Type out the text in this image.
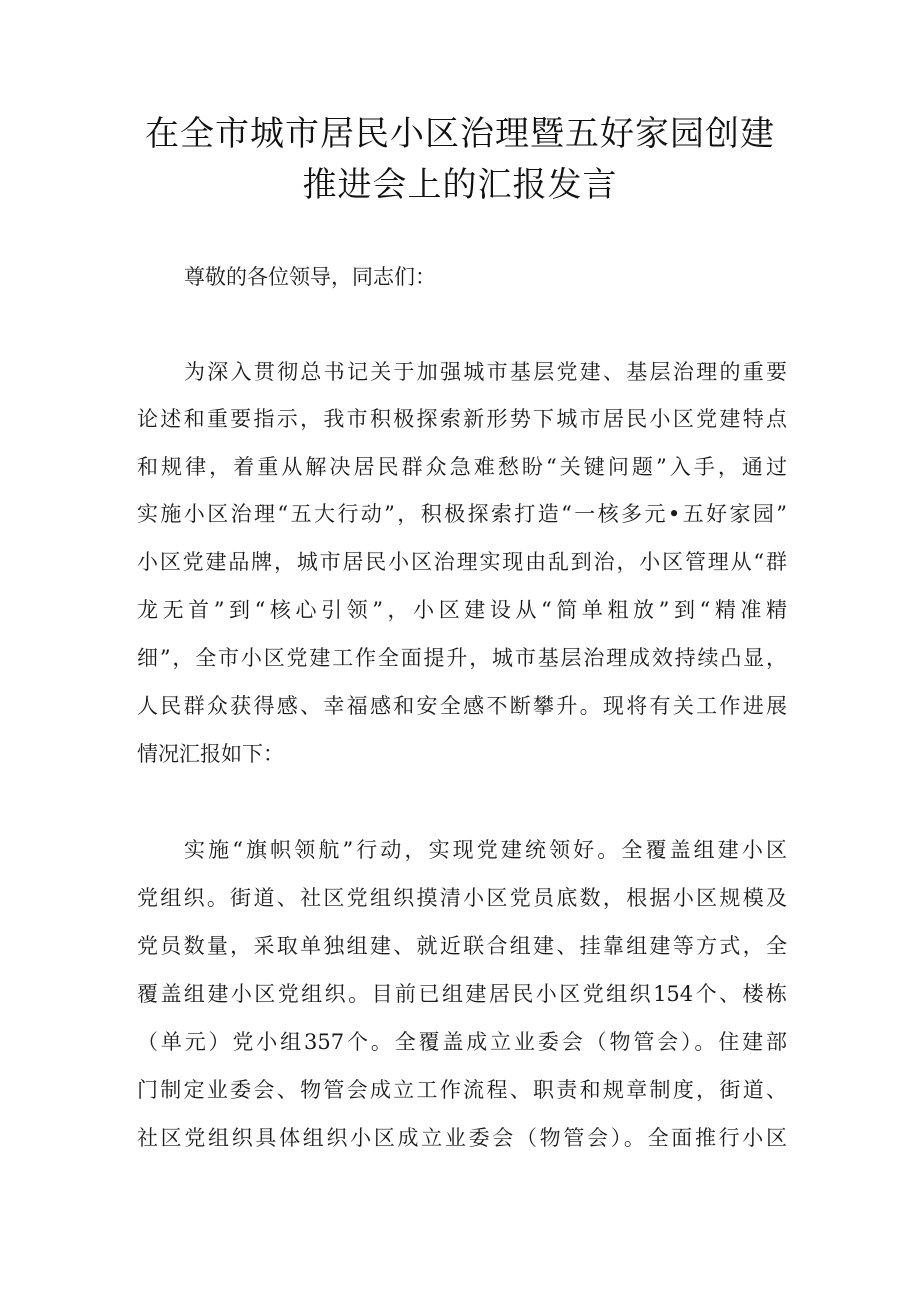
在全市城市居民小区治理暨五好家园创建
推进会上的汇报发言
尊敬的各位领导，同志们：
为深入贯彻总书记关于加强城市基层党建、基层治理的重要
论述和重要指示，我市积极探索新形势下城市居民小区党建特点
和规律，着重从解决居民群众急难愁盼“关键问题”入手，通过
实施小区治理“五大行动”，积极探索打造“一核多元•五好家园”
小区党建品牌，城市居民小区治理实现由乱到治，小区管理从“群
龙无首”到“核心引领”，小区建设从“简单粗放”到“精准精
细”，全市小区党建工作全面提升，城市基层治理成效持续凸显，
人民群众获得感、幸福感和安全感不断攀升。现将有关工作进展
情况汇报如下：
实施“旗帜领航”行动，实现党建统领好。全覆盖组建小区
党组织。街道、社区党组织摸清小区党员底数，根据小区规模及
党员数量，采取单独组建、就近联合组建、挂靠组建等方式，全
覆盖组建小区党组织。目前已组建居民小区党组织154个、楼栋
（单元）党小组357个。全覆盖成立业委会（物管会）。住建部
门制定业委会、物管会成立工作流程、职责和规章制度，街道、
社区党组织具体组织小区成立业委会（物管会）。全面推行小区
